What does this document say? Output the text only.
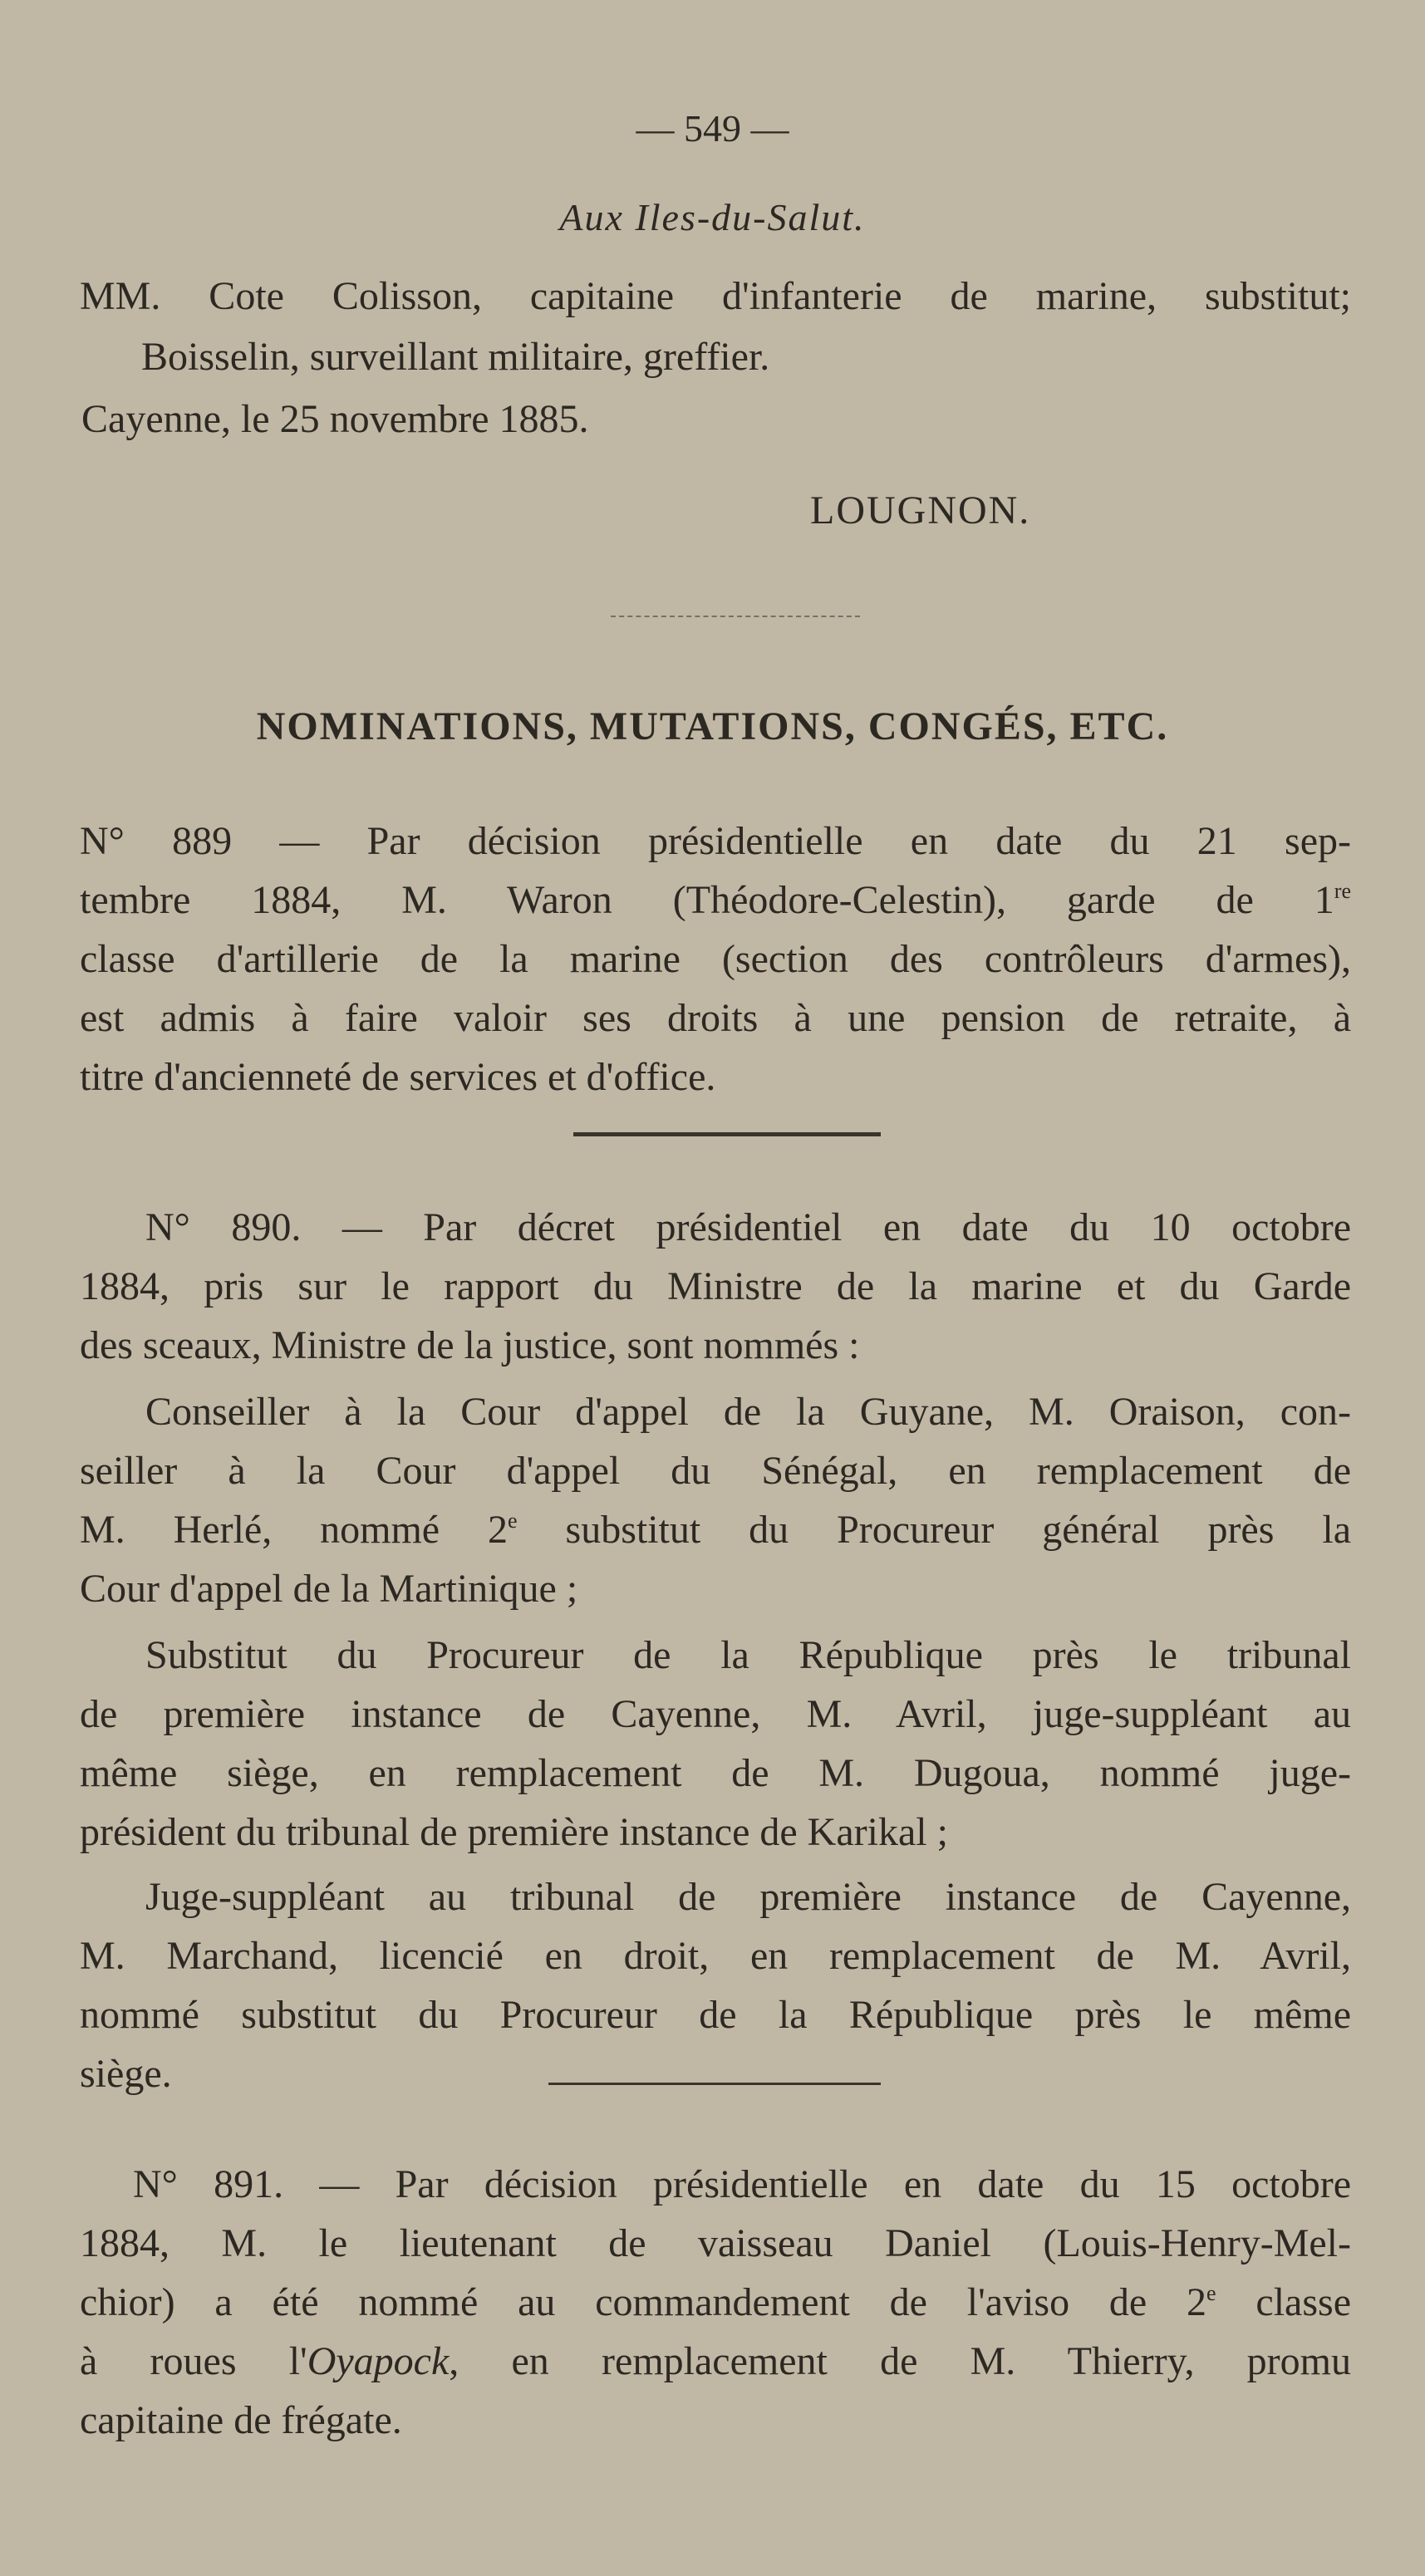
— 549 —
Aux Iles-du-Salut.
MM. Cote Colisson, capitaine d'infanterie de marine, substitut;
Boisselin, surveillant militaire, greffier.
Cayenne, le 25 novembre 1885.
LOUGNON.
NOMINATIONS, MUTATIONS, CONGÉS, ETC.
N° 889 — Par décision présidentielle en date du 21 sep-
tembre 1884, M. Waron (Théodore-Celestin), garde de 1re
classe d'artillerie de la marine (section des contrôleurs d'armes),
est admis à faire valoir ses droits à une pension de retraite, à
titre d'ancienneté de services et d'office.
N° 890. — Par décret présidentiel en date du 10 octobre
1884, pris sur le rapport du Ministre de la marine et du Garde
des sceaux, Ministre de la justice, sont nommés :
Conseiller à la Cour d'appel de la Guyane, M. Oraison, con-
seiller à la Cour d'appel du Sénégal, en remplacement de
M. Herlé, nommé 2e substitut du Procureur général près la
Cour d'appel de la Martinique ;
Substitut du Procureur de la République près le tribunal
de première instance de Cayenne, M. Avril, juge-suppléant au
même siège, en remplacement de M. Dugoua, nommé juge-
président du tribunal de première instance de Karikal ;
Juge-suppléant au tribunal de première instance de Cayenne,
M. Marchand, licencié en droit, en remplacement de M. Avril,
nommé substitut du Procureur de la République près le même
siège.
N° 891. — Par décision présidentielle en date du 15 octobre
1884, M. le lieutenant de vaisseau Daniel (Louis-Henry-Mel-
chior) a été nommé au commandement de l'aviso de 2e classe
à roues l'Oyapock, en remplacement de M. Thierry, promu
capitaine de frégate.
